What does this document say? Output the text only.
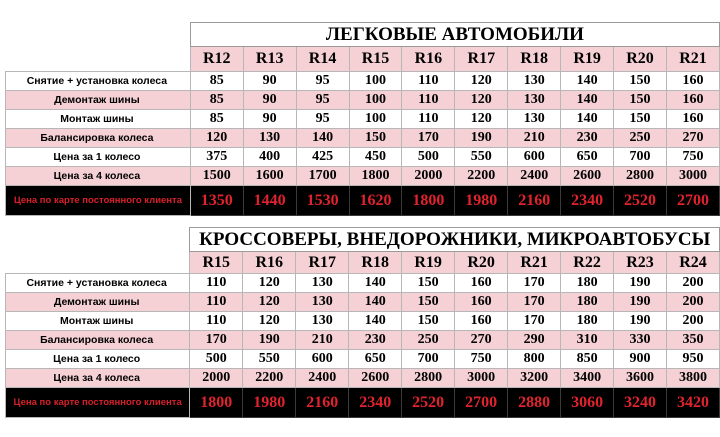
	ЛЕГКОВЫЕ АВТОМОБИЛИ									
	R12	R13	R14	R15	R16	R17	R18	R19	R20	R21
Снятие + установка колеса	85	90	95	100	110	120	130	140	150	160
Демонтаж шины	85	90	95	100	110	120	130	140	150	160
Монтаж шины	85	90	95	100	110	120	130	140	150	160
Балансировка колеса	120	130	140	150	170	190	210	230	250	270
Цена за 1 колесо	375	400	425	450	500	550	600	650	700	750
Цена за 4 колеса	1500	1600	1700	1800	2000	2200	2400	2600	2800	3000
Цена по карте постоянного клиента	1350	1440	1530	1620	1800	1980	2160	2340	2520	2700
	КРОССОВЕРЫ, ВНЕДОРОЖНИКИ, МИКРОАВТОБУСЫ									
	R15	R16	R17	R18	R19	R20	R21	R22	R23	R24
Снятие + установка колеса	110	120	130	140	150	160	170	180	190	200
Демонтаж шины	110	120	130	140	150	160	170	180	190	200
Монтаж шины	110	120	130	140	150	160	170	180	190	200
Балансировка колеса	170	190	210	230	250	270	290	310	330	350
Цена за 1 колесо	500	550	600	650	700	750	800	850	900	950
Цена за 4 колеса	2000	2200	2400	2600	2800	3000	3200	3400	3600	3800
Цена по карте постоянного клиента	1800	1980	2160	2340	2520	2700	2880	3060	3240	3420
